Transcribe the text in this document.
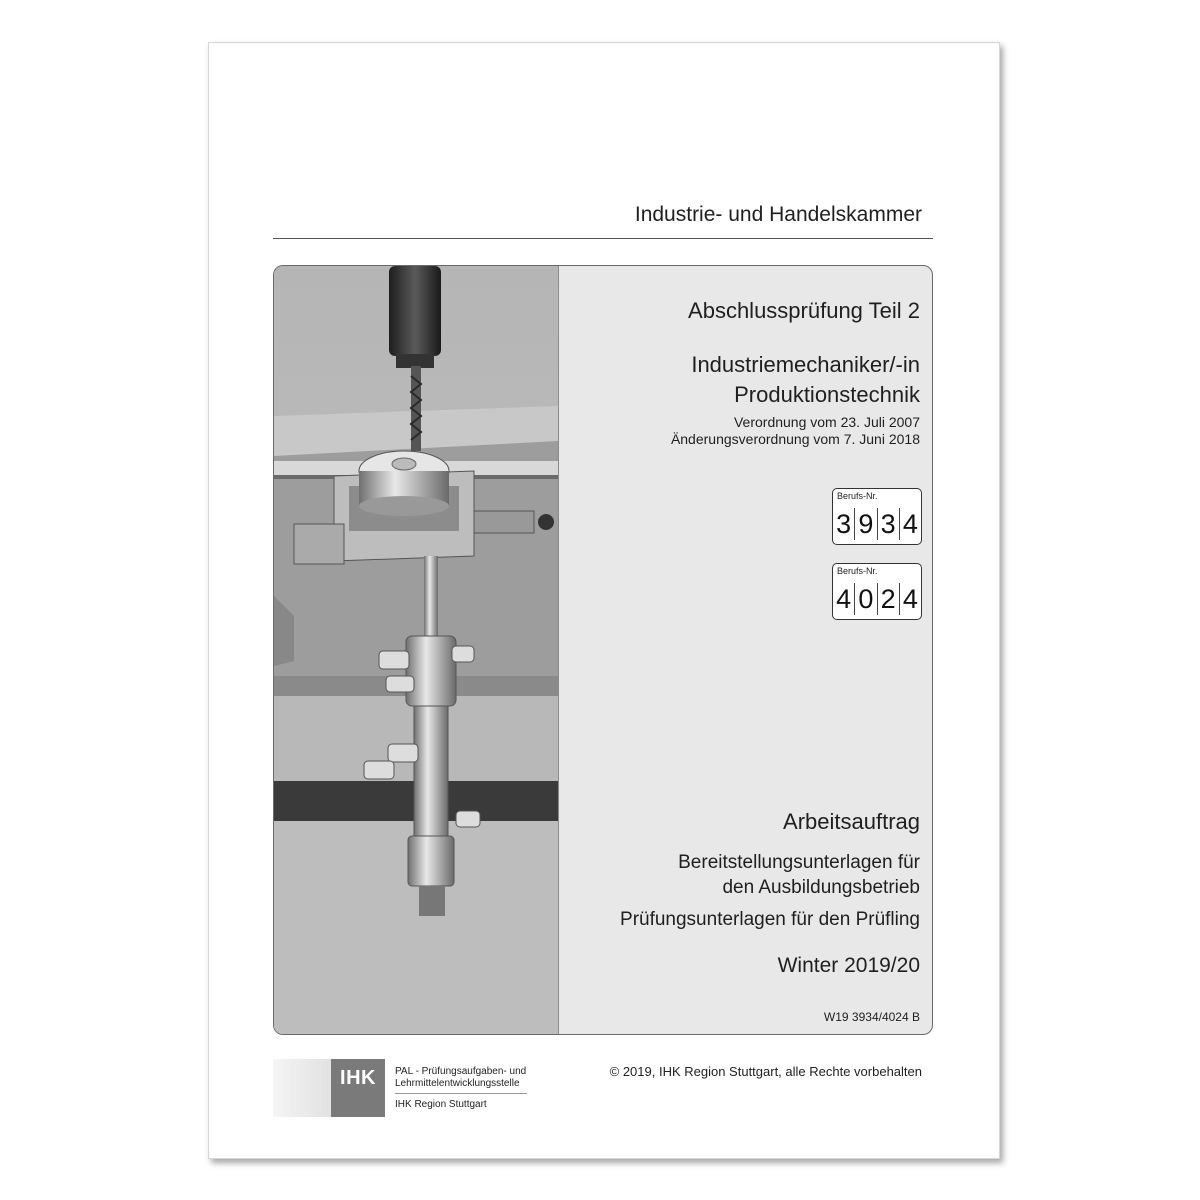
Industrie- und Handelskammer
Abschlussprüfung Teil 2
Industriemechaniker/-in
Produktionstechnik
Verordnung vom 23. Juli 2007
Änderungsverordnung vom 7. Juni 2018
Berufs-Nr.
3 9 3 4
Berufs-Nr.
4 0 2 4
Arbeitsauftrag
Bereitstellungsunterlagen für
den Ausbildungsbetrieb
Prüfungsunterlagen für den Prüfling
Winter 2019/20
W19 3934/4024 B
IHK	PAL - Prüfungsaufgaben- und
Lehrmittelentwicklungsstelle
IHK Region Stuttgart
© 2019, IHK Region Stuttgart, alle Rechte vorbehalten
